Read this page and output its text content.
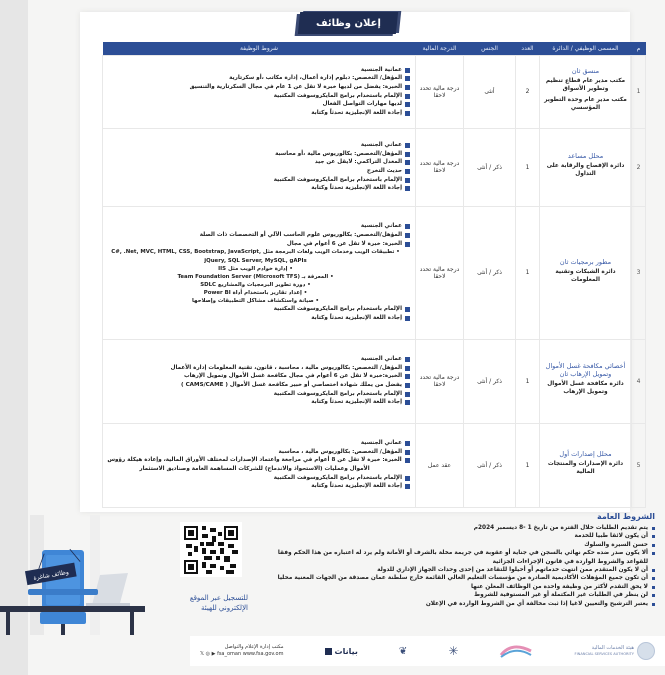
إعلان وظائف
م	المسمى الوظيفي / الدائرة	العدد	الجنس	الدرجة المالية	شروط الوظيفة
1	
منسق ثان
مكتب مدير عام قطاع تنظيم وتطوير الأسواق
مكتب مدير عام وحدة التطوير المؤسسي
	2	أنثى	درجة مالية تحدد لاحقا	
عمانية الجنسية
المؤهل/ التخصص: دبلوم إدارة أعمال، إدارة مكاتب ،أو سكرتارية
الخبرة: يفضل من لديها خبرة لا تقل عن 1 عام في مجال السكرتارية والتنسيق
الإلمام باستخدام برامج المايكروسوفت المكتبية
لديها مهارات التواصل الفعال
إجادة اللغة الإنجليزية تحدثاً وكتابة

2	
محلل مساعد
دائرة الإفصاح والرقابة على التداول
	1	ذكر / أنثى	درجة مالية تحدد لاحقا	
عماني الجنسية
المؤهل/التخصص: بكالوريوس مالية ،أو محاسبة
المعدل التراكمي: لايقل عن جيد
حديث التخرج
الإلمام باستخدام برامج المايكروسوفت المكتبية
إجادة اللغة الإنجليزية تحدثاً وكتابة

3	
مطور برمجيات ثان
دائرة الشبكات وتقنية المعلومات
	1	ذكر / أنثى	درجة مالية تحدد لاحقا	
عماني الجنسية
المؤهل/التخصص: بكالوريوس علوم الحاسب الآلي أو التخصصات ذات الصلة
الخبرة: خبرة لا تقل عن 6 أعوام في مجال
• تطبيقات الويب وخدمات الويب ولغات البرمجة مثل C#, .Net, MVC, HTML, CSS, Bootstrap, JavaScript, jQuery, SQL Server, MySQL, gAPIs
• إدارة خوادم الويب مثل IIS
• المعرفة بـ Team Foundation Server (Microsoft TFS)
• دورة تطوير البرمجيات والمشاريع SDLC
• إعداد تقارير باستخدام أداة Power BI
• صيانة واستكشاف مشاكل التطبيقات وإصلاحها
الإلمام باستخدام برامج المايكروسوفت المكتبية
إجادة اللغة الإنجليزية تحدثاً وكتابة

4	
أخصائي مكافحة غسل الأموال وتمويل الإرهاب ثان
دائرة مكافحة غسل الأموال وتمويل الإرهاب
	1	ذكر / أنثى	درجة مالية تحدد لاحقا	
عماني الجنسية
المؤهل/ التخصص: بكالوريوس مالية ، محاسبة ، قانون، تقنية المعلومات إدارة الأعمال
الخبرة:خبرة لا تقل عن 6 أعوام في مجال مكافحة غسل الأموال وتمويل الإرهاب
يفضل من يملك شهادة اختصاصي أو خبير مكافحة غسل الأموال ( CAMS/CAME )
الإلمام باستخدام برامج المايكروسوفت المكتبية
إجادة اللغة الإنجليزية تحدثاً وكتابة

5	
محلل إصدارات أول
دائرة الإصدارات والمنتجات المالية
	1	ذكر / أنثى	عقد عمل	
عماني الجنسية
المؤهل/ التخصص: بكالوريوس مالية ، محاسبة
الخبرة: خبرة لا تقل عن 8 أعوام في مراجعة واعتماد الإصدارات لمختلف الأوراق المالية، وإعادة هيكلة رؤوس الأموال وعمليات (الاستحواذ والاندماج) للشركات المساهمة العامة وصناديق الاستثمار
الإلمام باستخدام برامج المايكروسوفت المكتبية
إجادة اللغة الإنجليزية تحدثاً وكتابة
الشروط العامة
يتم تقديم الطلبات خلال الفترة من تاريخ 1 -8 ديسمبر 2024م
أن يكون لائقا طبيا للخدمة
حسن السيرة والسلوك
ألا يكون صدر ضده حكم نهائي بالسجن في جناية أو عقوبة في جريمة مخلة بالشرف أو الأمانة ولم يرد له اعتباره من هذا الحكم وفقا للقواعد والشروط الواردة في قانون الإجراءات الجزائية
أن لا يكون المتقدم ممن انتهت خدماتهم أو أحيلوا للتقاعد من إحدى وحدات الجهاز الإداري للدولة
أن تكون جميع المؤهلات الأكاديمية الصادرة من مؤسسات التعليم العالي القائمة خارج سلطنة عمان مصدقة من الجهات المعنية محليا
لا يحق التقدم لأكثر من وظيفة واحدة من الوظائف المعلن عنها
لن ينظر في الطلبات غير المكتملة أو غير المستوفية للشروط
يعتبر الترشيح والتعيين لاغيا إذا ثبت مخالفة أي من الشروط الواردة في الإعلان
وظائف شاغرة
للتسجيل عبر الموقع
الإلكتروني للهيئة
هيئة الخدمات المالية
FINANCIAL SERVICES AUTHORITY
✳
❦
بيانات
مكتب إدارة الإعلام والتواصل
𝕏 ◎ ▶ fsa_oman www.fsa.gov.om
